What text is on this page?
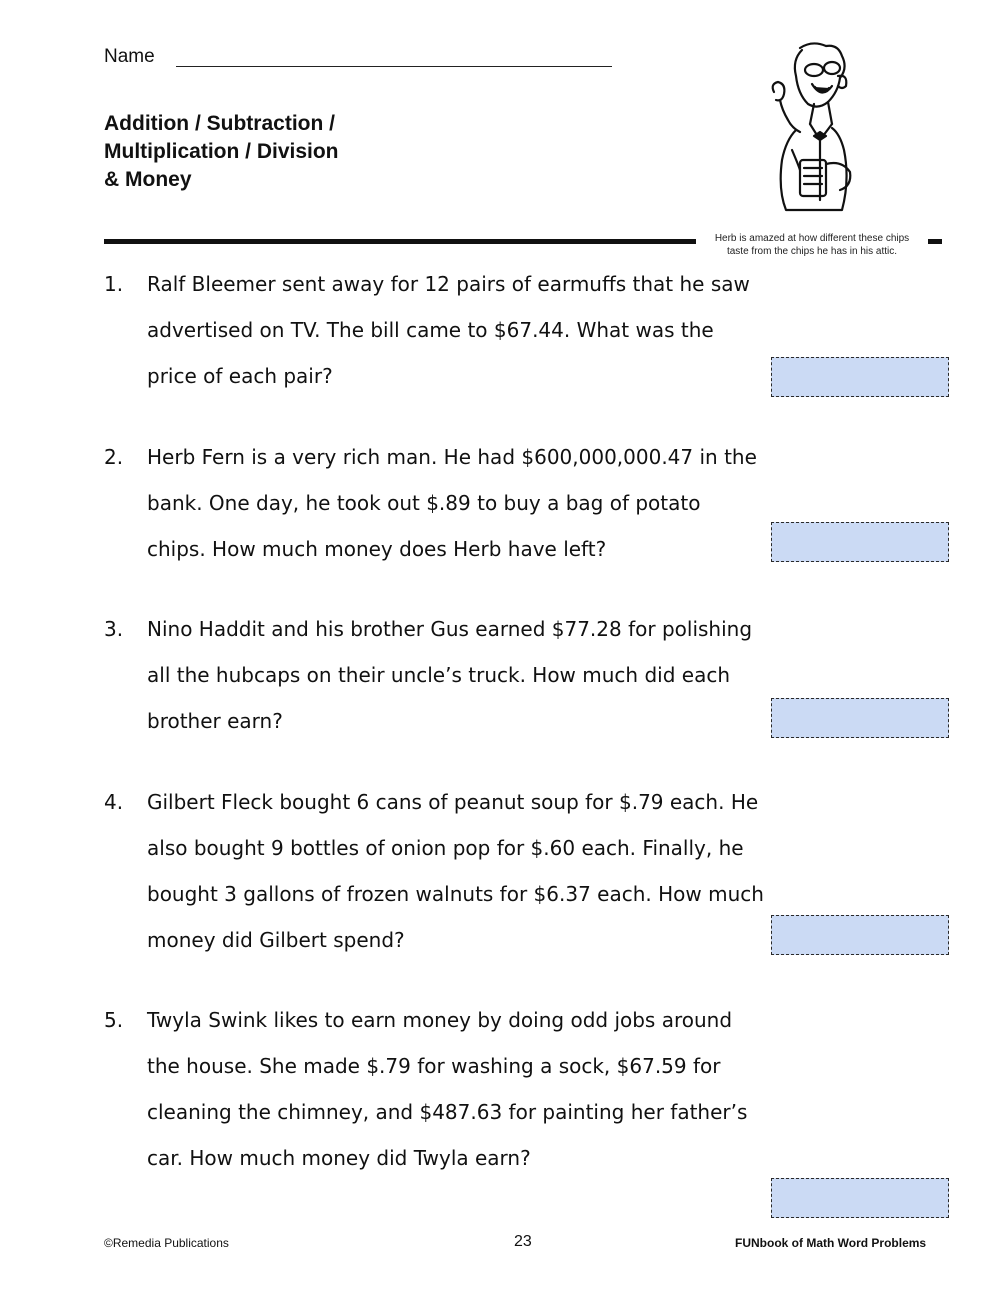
Name
Addition / Subtraction /
Multiplication / Division
& Money
Herb is amazed at how different these chips
taste from the chips he has in his attic.
1. Ralf Bleemer sent away for 12 pairs of earmuffs that he saw advertised on TV. The bill came to $67.44. What was the price of each pair?
2. Herb Fern is a very rich man. He had $600,000,000.47 in the bank. One day, he took out $.89 to buy a bag of potato chips. How much money does Herb have left?
3. Nino Haddit and his brother Gus earned $77.28 for polishing all the hubcaps on their uncle’s truck. How much did each brother earn?
4. Gilbert Fleck bought 6 cans of peanut soup for $.79 each. He also bought 9 bottles of onion pop for $.60 each. Finally, he bought 3 gallons of frozen walnuts for $6.37 each. How much money did Gilbert spend?
5. Twyla Swink likes to earn money by doing odd jobs around the house. She made $.79 for washing a sock, $67.59 for cleaning the chimney, and $487.63 for painting her father’s car. How much money did Twyla earn?
©Remedia Publications	23	FUNbook of Math Word Problems
